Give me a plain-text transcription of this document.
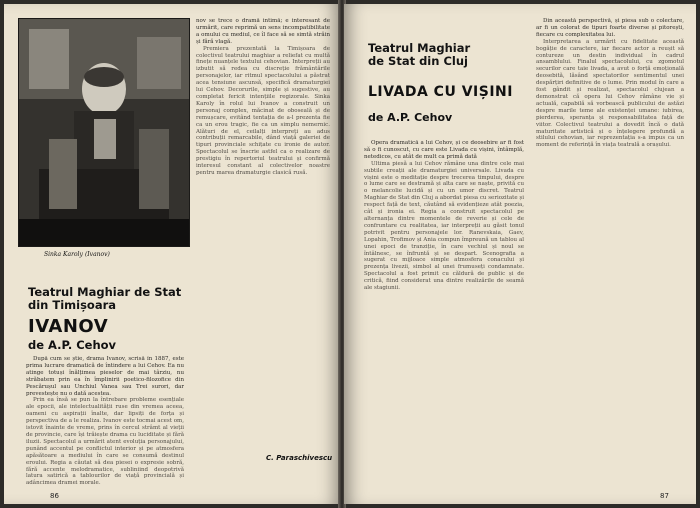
Sinka Karoly (Ivanov)
Teatrul Maghiar de Stat
din Timișoara
IVANOV
de A.P. Cehov

După cum se știe, drama Ivanov, scrisă în 1887, este prima lucrare dramatică de întindere a lui Cehov. Ea nu atinge totuși înălțimea pieselor de mai târziu, nu străbatem prin ea în împlinirii poetico-filozofice din Pescărușul sau Unchiul Vanea sau Trei surori, dar prevestește nu o dată acestea.

Prin ea însă se pun la întrebare probleme esențiale ale epocii, ale intelectualității ruse din vremea aceea, oameni cu aspirații înalte, dar lipsiți de forța și perspectiva de a le realiza. Ivanov este tocmai acest om, istovit înainte de vreme, prins în cercul strâmt al vieții de provincie, care își trăiește drama cu luciditate și fără iluzii. Spectacolul a urmărit atent evoluția personajului, punând accentul pe conflictul interior și pe atmosfera apăsătoare a mediului în care se consumă destinul eroului. Regia a căutat să dea piesei o expresie sobră, fără accente melodramatice, subliniind deopotrivă latura satirică a tablourilor de viață provincială și adâncimea dramei morale.

nov se trece o dramă intimă; e interesant de urmărit, care reprimă un sens incompatibilitate a omului cu mediul, ce îl face să se simtă străin și fără vlagă.

Premiera prezentată la Timișoara de colectivul teatrului maghiar a reliefat cu multă finețe nuanțele textului cehovian. Interpreții au izbutit să redea cu discreție frământările personajelor, iar ritmul spectacolului a păstrat acea tensiune ascunsă, specifică dramaturgiei lui Cehov. Decorurile, simple și sugestive, au completat fericit intențiile regizorale. Sinka Karoly în rolul lui Ivanov a construit un personaj complex, măcinat de oboseală și de remușcare, evitând tentația de a-l prezenta fie ca un erou tragic, fie ca un simplu nemernic. Alături de el, ceilalți interpreți au adus contribuții remarcabile, dând viață galeriei de tipuri provinciale schițate cu ironie de autor. Spectacolul se înscrie astfel ca o realizare de prestigiu în repertoriul teatrului și confirmă interesul constant al colectivelor noastre pentru marea dramaturgie clasică rusă.

C. Paraschivescu
86

Opera dramatică a lui Cehov, și ce deosebire ar fi fost să o fi cunoscut, cu care este Livada cu vișini, întâmplă, netedicos, cu atât de mult ca primă dată

Ultima piesă a lui Cehov rămâne una dintre cele mai subtile creații ale dramaturgiei universale. Livada cu vișini este o meditație despre trecerea timpului, despre o lume care se destramă și alta care se naște, privită cu o melancolie lucidă și cu un umor discret. Teatrul Maghiar de Stat din Cluj a abordat piesa cu seriozitate și respect față de text, căutând să evidențieze atât poezia, cât și ironia ei. Regia a construit spectacolul pe alternanța dintre momentele de reverie și cele de confruntare cu realitatea, iar interpreții au găsit tonul potrivit pentru personajele lor. Ranevskaia, Gaev, Lopahin, Trofimov și Ania compun împreună un tablou al unei epoci de tranziție, în care vechiul și noul se întâlnesc, se înfruntă și se despart. Scenografia a sugerat cu mijloace simple atmosfera conacului și prezența livezii, simbol al unei frumuseți condamnate. Spectacolul a fost primit cu căldură de public și de critică, fiind considerat una dintre realizările de seamă ale stagiunii.

Din această perspectivă, și piesa sub o colectare, ar fi un colorat de tipuri foarte diverse și pitorești, fiecare cu complexitatea lui.

Interpretarea a urmărit cu fidelitate această bogăție de caractere, iar fiecare actor a reușit să contureze un destin individual în cadrul ansamblului. Finalul spectacolului, cu zgomotul securilor care taie livada, a avut o forță emoțională deosebită, lăsând spectatorilor sentimentul unei despărțiri definitive de o lume. Prin modul în care a fost gândit și realizat, spectacolul clujean a demonstrat că opera lui Cehov rămâne vie și actuală, capabilă să vorbească publicului de astăzi despre marile teme ale existenței umane: iubirea, pierderea, speranța și responsabilitatea față de viitor. Colectivul teatrului a dovedit încă o dată maturitate artistică și o înțelegere profundă a stilului cehovian, iar reprezentația s-a impus ca un moment de referință în viața teatrală a orașului.

87
Teatrul Maghiar
de Stat din Cluj
LIVADA CU VIȘINI
de A.P. Cehov
